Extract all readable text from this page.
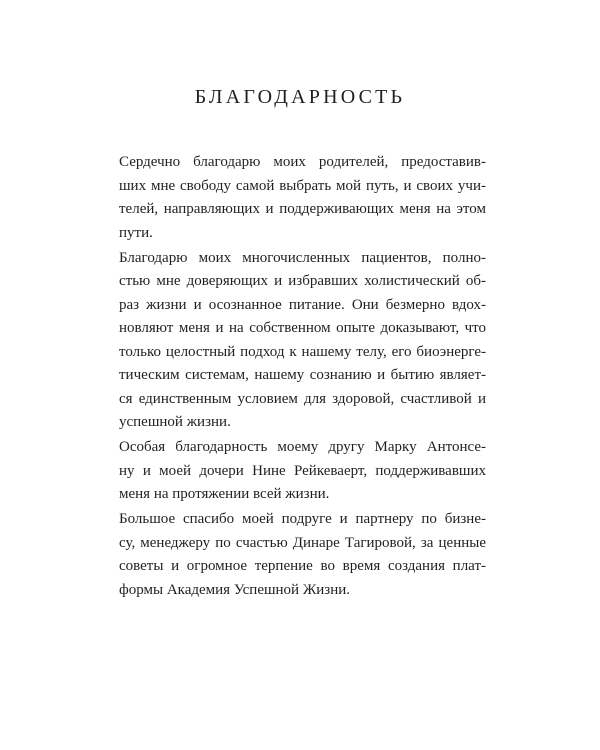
БЛАГОДАРНОСТЬ

Сердечно благодарю моих родителей, предоставив-
ших мне свободу самой выбрать мой путь, и своих учи-
телей, направляющих и поддерживающих меня на этом
пути.

Благодарю моих многочисленных пациентов, полно-
стью мне доверяющих и избравших холистический об-
раз жизни и осознанное питание. Они безмерно вдох-
новляют меня и на собственном опыте доказывают, что
только целостный подход к нашему телу, его биоэнерге-
тическим системам, нашему сознанию и бытию являет-
ся единственным условием для здоровой, счастливой и
успешной жизни.

Особая благодарность моему другу Марку Антонсе-
ну и моей дочери Нине Рейкеваерт, поддерживавших
меня на протяжении всей жизни.

Большое спасибо моей подруге и партнеру по бизне-
су, менеджеру по счастью Динаре Тагировой, за ценные
советы и огромное терпение во время создания плат-
формы Академия Успешной Жизни.
